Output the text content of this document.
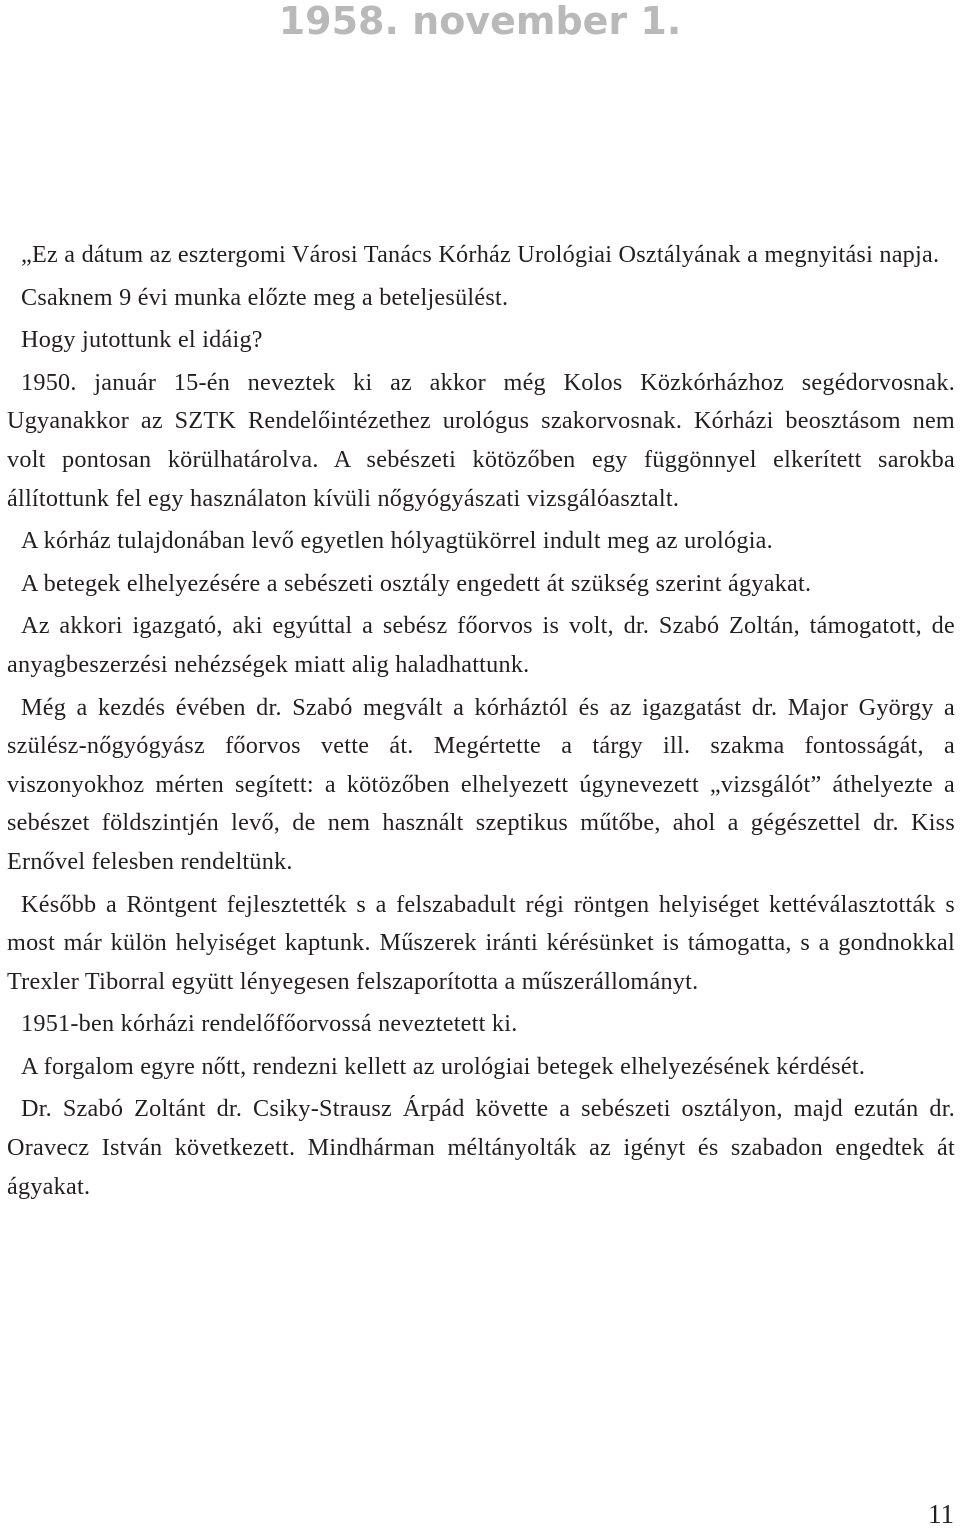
1958. november 1.

„Ez a dátum az esztergomi Városi Tanács Kórház Urológiai Osztályának a megnyitási napja.

Csaknem 9 évi munka előzte meg a beteljesülést.

Hogy jutottunk el idáig?

1950. január 15-én neveztek ki az akkor még Kolos Közkórházhoz segédorvosnak. Ugyanakkor az SZTK Rendelőintézethez urológus szakorvosnak. Kórházi beosztásom nem volt pontosan körülhatárolva. A sebészeti kötözőben egy függönnyel elkerített sarokba állítottunk fel egy használaton kívüli nőgyógyászati vizsgálóasztalt.

A kórház tulajdonában levő egyetlen hólyagtükörrel indult meg az urológia.

A betegek elhelyezésére a sebészeti osztály engedett át szükség szerint ágyakat.

Az akkori igazgató, aki egyúttal a sebész főorvos is volt, dr. Szabó Zoltán, támogatott, de anyagbeszerzési nehézségek miatt alig haladhattunk.

Még a kezdés évében dr. Szabó megvált a kórháztól és az igazgatást dr. Major György a szülész-nőgyógyász főorvos vette át. Megértette a tárgy ill. szakma fontosságát, a viszonyokhoz mérten segített: a kötözőben elhelyezett úgynevezett „vizsgálót” áthelyezte a sebészet földszintjén levő, de nem használt szeptikus műtőbe, ahol a gégészettel dr. Kiss Ernővel felesben rendeltünk.

Később a Röntgent fejlesztették s a felszabadult régi röntgen helyiséget kettéválasztották s most már külön helyiséget kaptunk. Műszerek iránti kérésünket is támogatta, s a gondnokkal Trexler Tiborral együtt lényegesen felszaporította a műszerállományt.

1951-ben kórházi rendelőfőorvossá neveztetett ki.

A forgalom egyre nőtt, rendezni kellett az urológiai betegek elhelyezésének kérdését.

Dr. Szabó Zoltánt dr. Csiky-Strausz Árpád követte a sebészeti osztályon, majd ezután dr. Oravecz István következett. Mindhárman méltányolták az igényt és szabadon engedtek át ágyakat.

11
